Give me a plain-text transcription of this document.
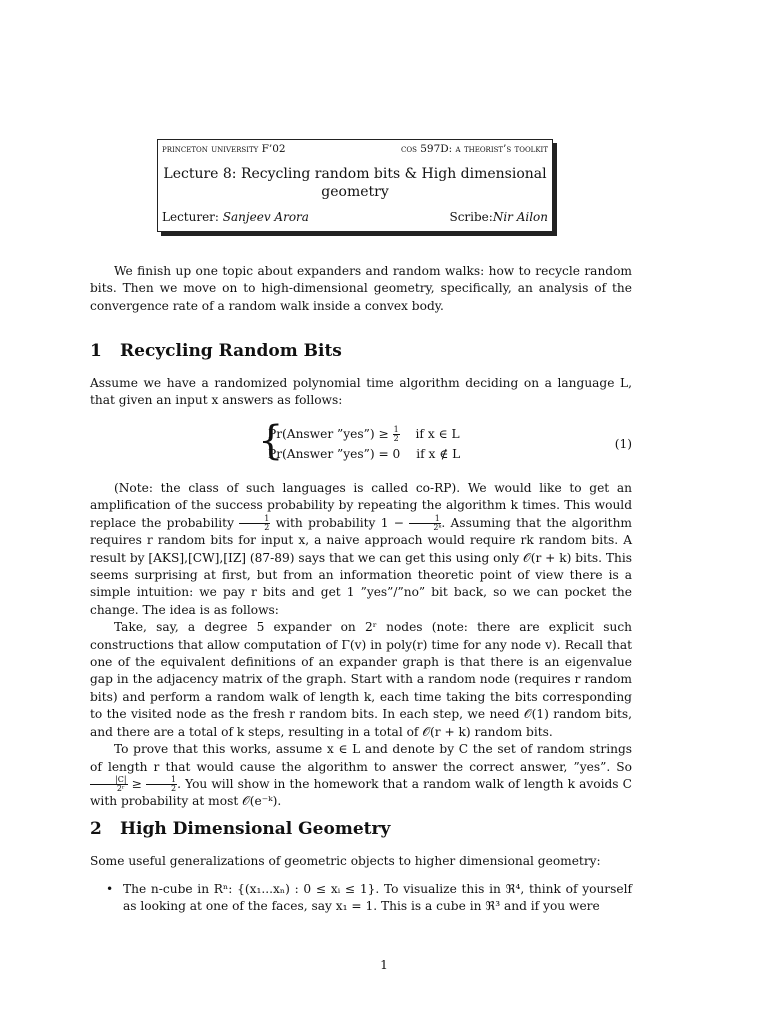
princeton university F’02	cos 597D: a theorist’s toolkit
Lecture 8: Recycling random bits & High dimensional geometry
Lecturer: Sanjeev Arora	Scribe:Nir Ailon

We finish up one topic about expanders and random walks: how to recycle random bits. Then we move on to high-dimensional geometry, specifically, an analysis of the convergence rate of a random walk inside a convex body.

1 Recycling Random Bits

Assume we have a randomized polynomial time algorithm deciding on a language L, that given an input x answers as follows:

{
Pr(Answer ”yes”) ≥ $\frac{1}{2}$ if x ∈ L
Pr(Answer ”yes”) = 0 if x ∉ L
(1)

(Note: the class of such languages is called co-RP). We would like to get an amplification of the success probability by repeating the algorithm k times. This would replace the probability $\frac{1}{2}$ with probability $1 - \frac{1}{\text{2ᵏ}}$ . Assuming that the algorithm requires r random bits for input x, a naive approach would require rk random bits. A result by [AKS],[CW],[IZ] (87-89) says that we can get this using only 𝒪(r + k) bits. This seems surprising at first, but from an information theoretic point of view there is a simple intuition: we pay r bits and get 1 ”yes”/”no” bit back, so we can pocket the change. The idea is as follows:

Take, say, a degree 5 expander on 2ʳ nodes (note: there are explicit such constructions that allow computation of Γ(v) in poly(r) time for any node v). Recall that one of the equivalent definitions of an expander graph is that there is an eigenvalue gap in the adjacency matrix of the graph. Start with a random node (requires r random bits) and perform a random walk of length k, each time taking the bits corresponding to the visited node as the fresh r random bits. In each step, we need 𝒪(1) random bits, and there are a total of k steps, resulting in a total of 𝒪(r + k) random bits.

To prove that this works, assume x ∈ L and denote by C the set of random strings of length r that would cause the algorithm to answer the correct answer, ”yes”. So
$\frac{|C|}{\text{2ʳ}} \ge \frac{1}{2}$ . You will show in the homework that a random walk of length k avoids C with probability at most 𝒪(e⁻ᵏ).

2 High Dimensional Geometry

Some useful generalizations of geometric objects to higher dimensional geometry:

• The n-cube in Rⁿ: {(x₁...xₙ) : 0 ≤ xᵢ ≤ 1}. To visualize this in ℜ⁴, think of yourself as looking at one of the faces, say x₁ = 1. This is a cube in ℜ³ and if you were
1
